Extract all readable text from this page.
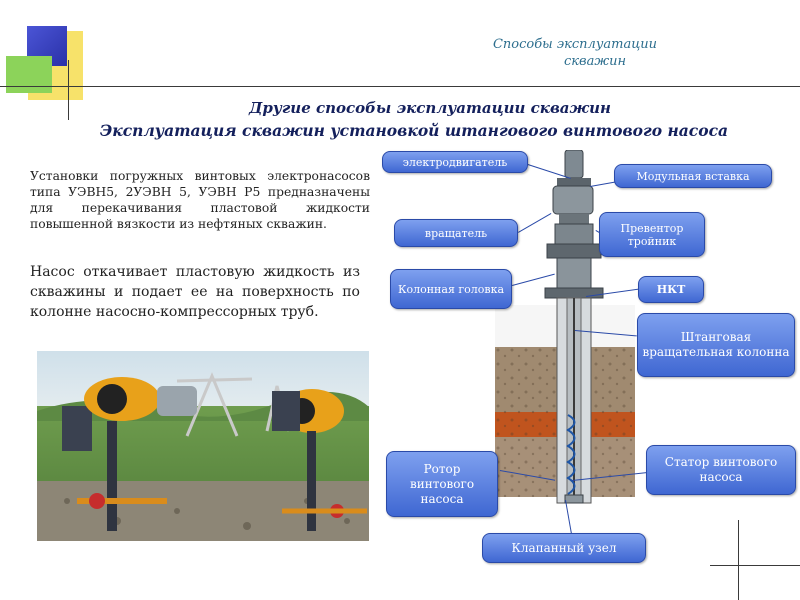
Способы эксплуатации
скважин
Другие способы эксплуатации скважин
Эксплуатация скважин установкой штангового винтового насоса
Установки погружных винтовых электронасосов типа УЭВН5, 2УЭВН 5, УЭВН Р5 предназначены для перекачивания пластовой жидкости повышенной вязкости из нефтяных скважин.
Насос откачивает пластовую жидкость из скважины и подает ее на поверхность по колонне насосно-компрессорных труб.
электродвигатель
Модульная вставка
вращатель	Превентор тройник
Колонная головка	НКТ
Штанговая вращательная колонна
Ротор винтового насоса
Статор винтового насоса
Клапанный узел
